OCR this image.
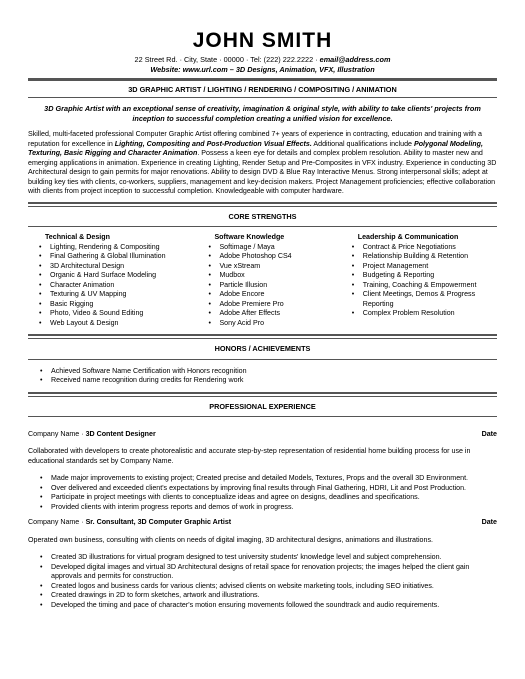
JOHN SMITH
22 Street Rd. · City, State · 00000 · Tel: (222) 222.2222 · email@address.com
Website: www.url.com – 3D Designs, Animation, VFX, Illustration
3D GRAPHIC ARTIST / LIGHTING / RENDERING / COMPOSITING / ANIMATION
3D Graphic Artist with an exceptional sense of creativity, imagination & original style, with ability to take clients' projects from inception to successful completion creating a unified vision for excellence.
Skilled, multi-faceted professional Computer Graphic Artist offering combined 7+ years of experience in contracting, education and training with a reputation for excellence in Lighting, Compositing and Post-Production Visual Effects. Additional qualifications include Polygonal Modeling, Texturing, Basic Rigging and Character Animation. Possess a keen eye for details and complex problem resolution. Ability to master new and emerging applications in animation. Experience in creating Lighting, Render Setup and Pre-Composites in VFX industry. Experience in conducting 3D Architectural design to gain permits for major renovations. Ability to design DVD & Blue Ray Interactive Menus. Strong interpersonal skills; adept at building key ties with clients, co-workers, suppliers, management and key-decision makers. Project Management proficiencies; effective collaboration with clients from project inception to successful completion. Knowledgeable with computer hardware.
CORE STRENGTHS
Technical & Design
• Lighting, Rendering & Compositing
• Final Gathering & Global Illumination
• 3D Architectural Design
• Organic & Hard Surface Modeling
• Character Animation
• Texturing & UV Mapping
• Basic Rigging
• Photo, Video & Sound Editing
• Web Layout & Design
Software Knowledge
• Softimage / Maya
• Adobe Photoshop CS4
• Vue xStream
• Mudbox
• Particle Illusion
• Adobe Encore
• Adobe Premiere Pro
• Adobe After Effects
• Sony Acid Pro
Leadership & Communication
• Contract & Price Negotiations
• Relationship Building & Retention
• Project Management
• Budgeting & Reporting
• Training, Coaching & Empowerment
• Client Meetings, Demos & Progress Reporting
• Complex Problem Resolution
HONORS / ACHIEVEMENTS
• Achieved Software Name Certification with Honors recognition
• Received name recognition during credits for Rendering work
PROFESSIONAL EXPERIENCE
Company Name · 3D Content Designer	Date
Collaborated with developers to create photorealistic and accurate step-by-step representation of residential home building process for use in educational standards set by Company Name.
• Made major improvements to existing project; Created precise and detailed Models, Textures, Props and the overall 3D Environment.
• Over delivered and exceeded client's expectations by improving final results through Final Gathering, HDRI, Lit and Post Production.
• Participate in project meetings with clients to conceptualize ideas and agree on designs, deadlines and specifications.
• Provided clients with interim progress reports and demos of work in progress.
Company Name · Sr. Consultant, 3D Computer Graphic Artist	Date
Operated own business, consulting with clients on needs of digital imaging, 3D architectural designs, animations and illustrations.
• Created 3D illustrations for virtual program designed to test university students' knowledge level and subject comprehension.
• Developed digital images and virtual 3D Architectural designs of retail space for renovation projects; the images helped the client gain approvals and permits for construction.
• Created logos and business cards for various clients; advised clients on website marketing tools, including SEO initiatives.
• Created drawings in 2D to form sketches, artwork and illustrations.
• Developed the timing and pace of character's motion ensuring movements followed the soundtrack and audio requirements.
